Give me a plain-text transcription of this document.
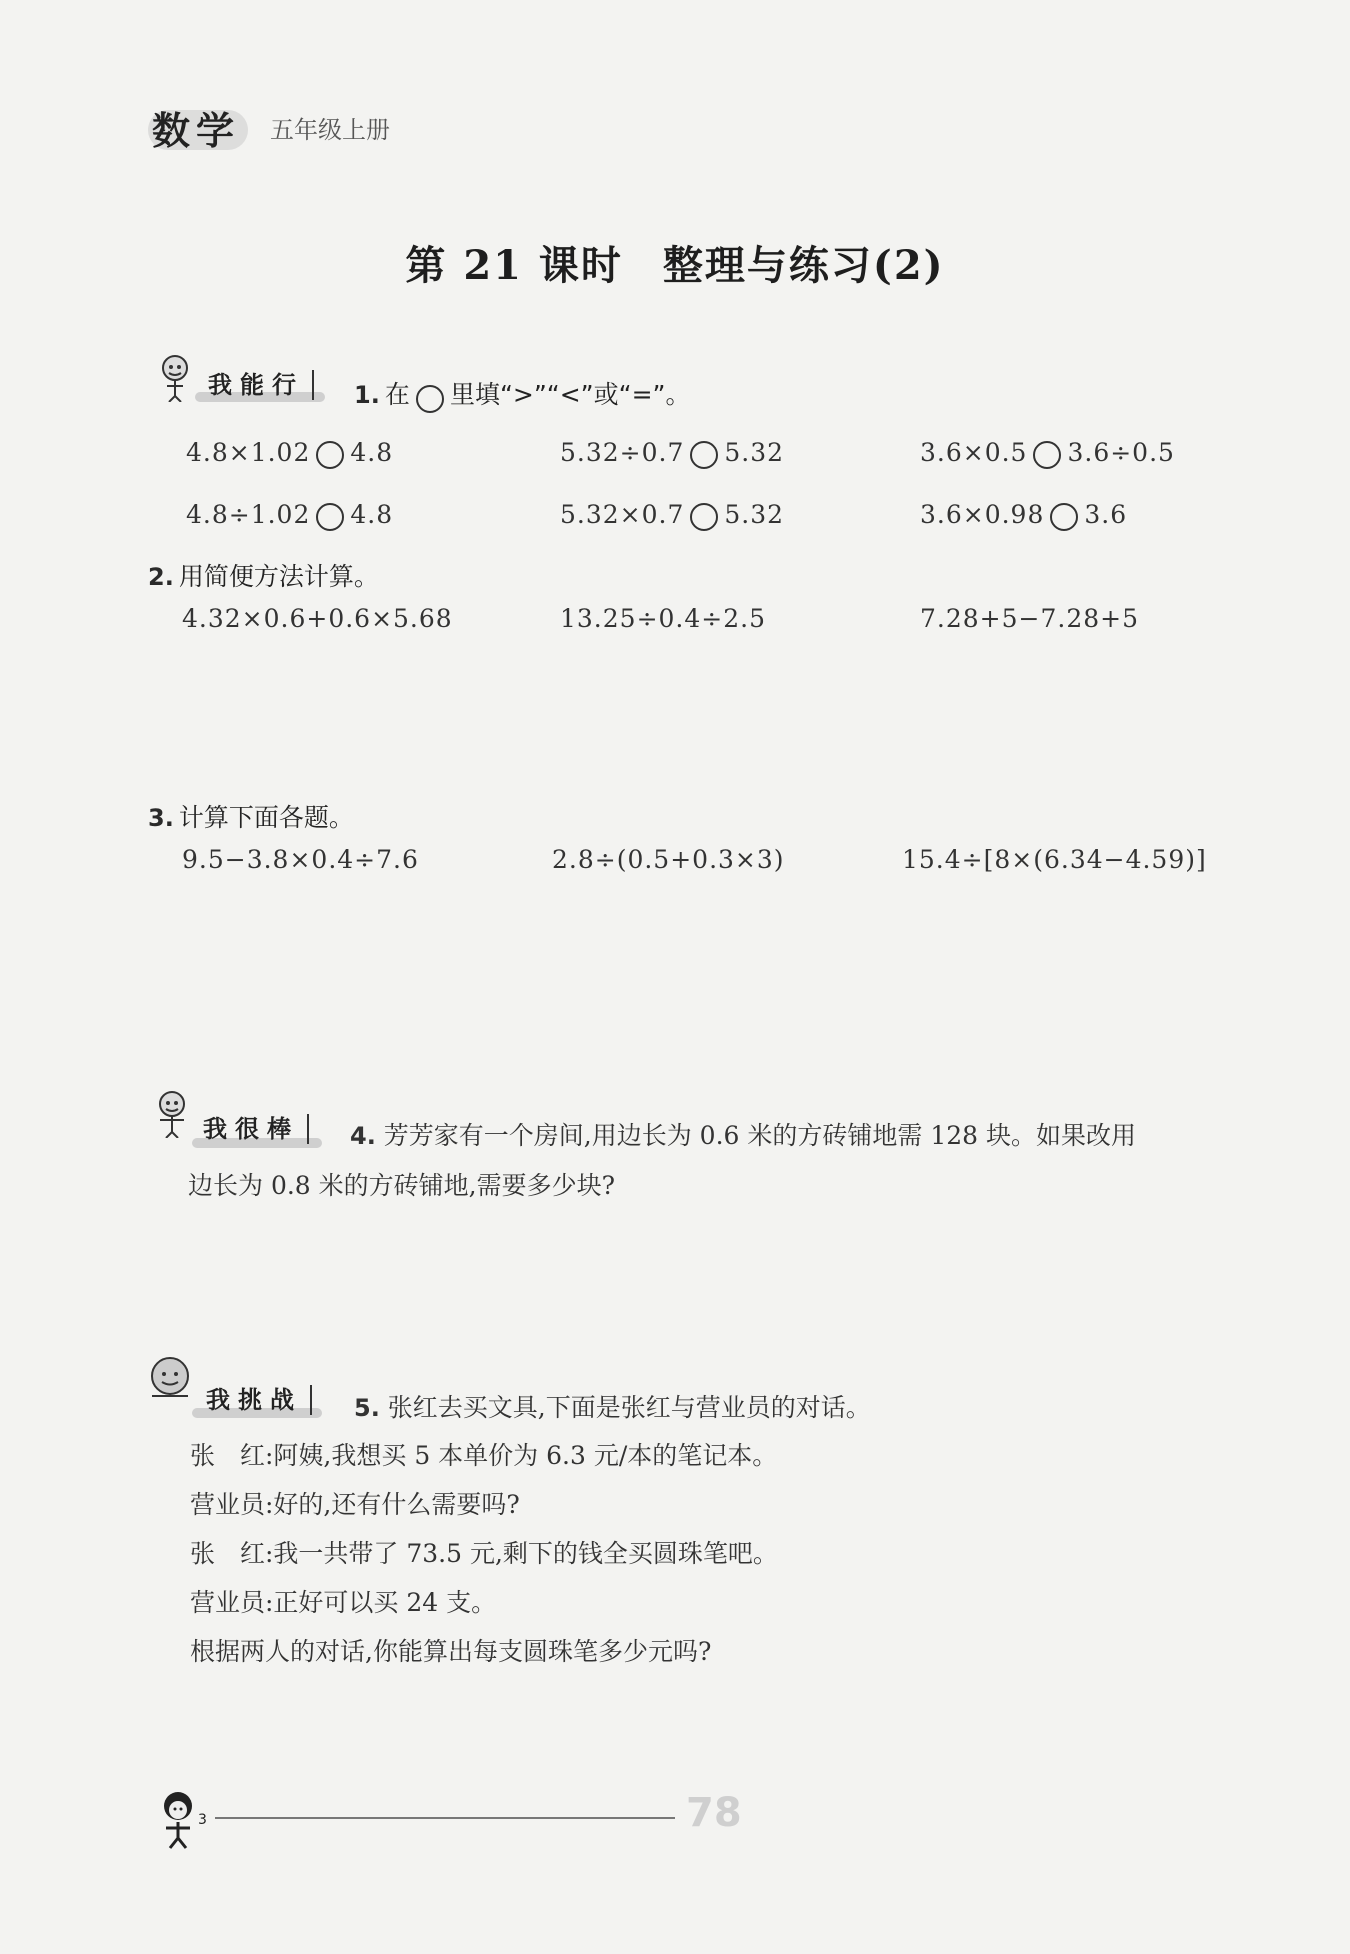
数学 五年级上册
第 21 课时 整理与练习(2)
我能行	1. 在 里填“>”“<”或“=”。
4.8×1.02 4.8	5.32÷0.7 5.32	3.6×0.5 3.6÷0.5
4.8÷1.02 4.8	5.32×0.7 5.32	3.6×0.98 3.6
2. 用简便方法计算。
4.32×0.6+0.6×5.68	13.25÷0.4÷2.5	7.28+5−7.28+5
3. 计算下面各题。
9.5−3.8×0.4÷7.6	2.8÷(0.5+0.3×3)	15.4÷[8×(6.34−4.59)]
我很棒	4. 芳芳家有一个房间,用边长为 0.6 米的方砖铺地需 128 块。如果改用
边长为 0.8 米的方砖铺地,需要多少块?
我挑战	5. 张红去买文具,下面是张红与营业员的对话。
张　红:阿姨,我想买 5 本单价为 6.3 元/本的笔记本。
营业员:好的,还有什么需要吗?
张　红:我一共带了 73.5 元,剩下的钱全买圆珠笔吧。
营业员:正好可以买 24 支。
根据两人的对话,你能算出每支圆珠笔多少元吗?
3	78
